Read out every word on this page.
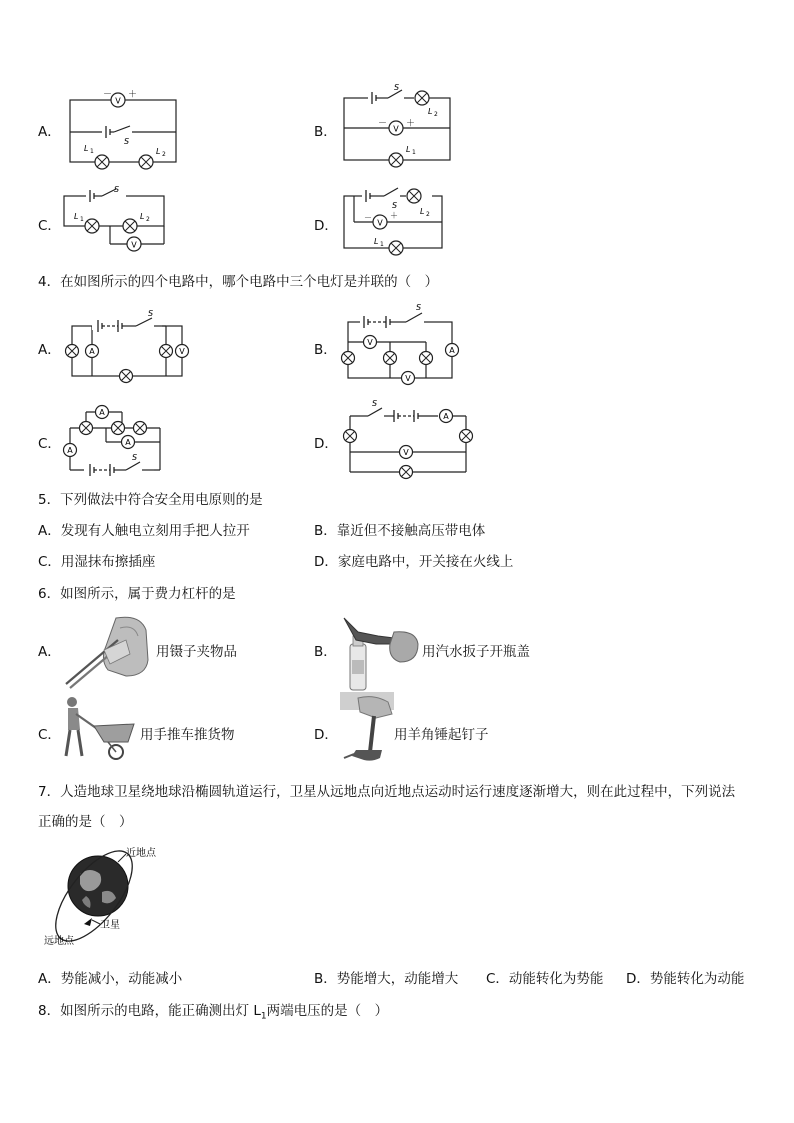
A．
V
－ ＋
S
L 1	L 2
B．
S
L 2
V
－ ＋
L 1
C．
S
L 1	L 2
V
D．
S
L 2
V
－ ＋
L 1
4．在如图所示的四个电路中，哪个电路中三个电灯是并联的（　）
A．
S
A	V	B．
S
V
A
V
C．
A
A
A
S
D．
S
A
V
5．下列做法中符合安全用电原则的是
A．发现有人触电立刻用手把人拉开	B．靠近但不接触高压带电体
C．用湿抹布擦插座	D．家庭电路中，开关接在火线上
6．如图所示，属于费力杠杆的是
A．	用镊子夹物品	B．	用汽水扳子开瓶盖
C．	用手推车推货物	D．	用羊角锤起钉子
7．人造地球卫星绕地球沿椭圆轨道运行，卫星从远地点向近地点运动时运行速度逐渐增大，则在此过程中，下列说法
正确的是（　）
近地点
卫星
远地点
A．势能减小，动能减小	B．势能增大，动能增大 C．动能转化为势能 D．势能转化为动能
8．如图所示的电路，能正确测出灯 $L_1$两端电压的是（　）
